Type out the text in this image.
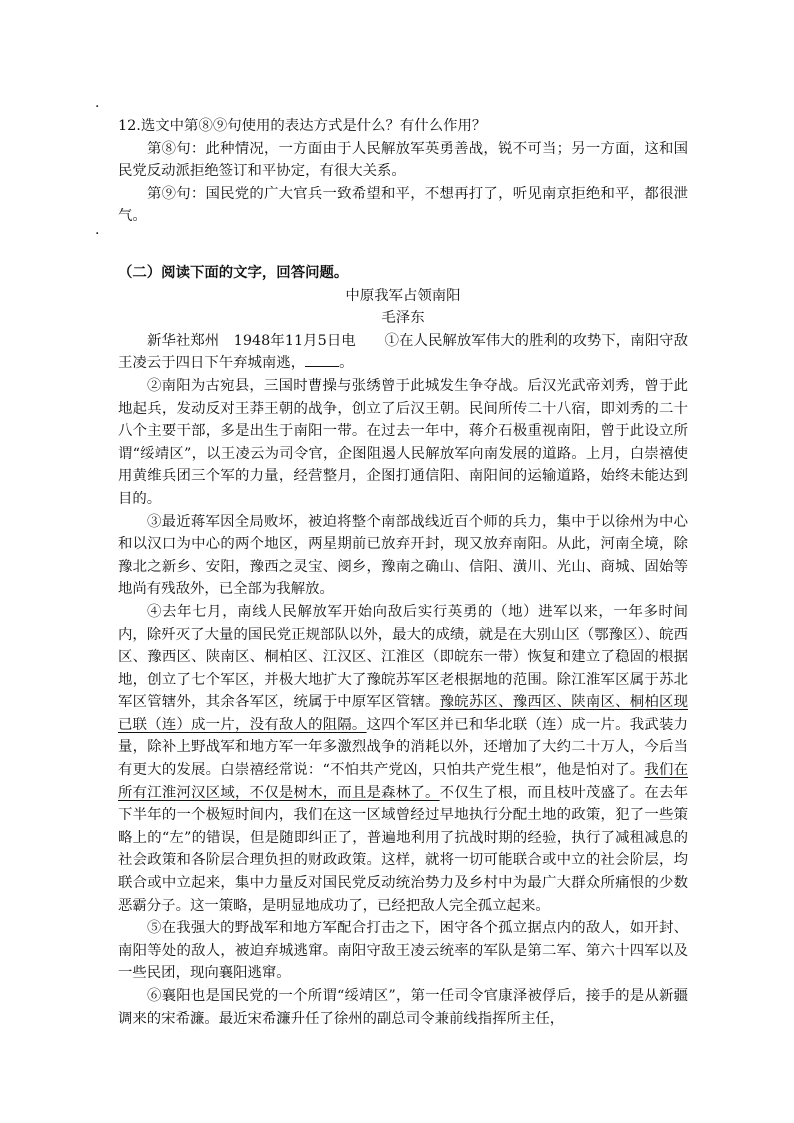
·
·

12.选文中第⑧⑨句使用的表达方式是什么？有什么作用？

第⑧句：此种情况，一方面由于人民解放军英勇善战，锐不可当；另一方面，这和国民党反动派拒绝签订和平协定，有很大关系。

第⑨句：国民党的广大官兵一致希望和平，不想再打了，听见南京拒绝和平，都很泄气。

（二）阅读下面的文字，回答问题。

中原我军占领南阳

毛泽东

新华社郑州　1948年11月5日电　　①在人民解放军伟大的胜利的攻势下，南阳守敌王凌云于四日下午弃城南逃， 。

②南阳为古宛县，三国时曹操与张绣曾于此城发生争夺战。后汉光武帝刘秀，曾于此地起兵，发动反对王莽王朝的战争，创立了后汉王朝。民间所传二十八宿，即刘秀的二十八个主要干部，多是出生于南阳一带。在过去一年中，蒋介石极重视南阳，曾于此设立所谓“绥靖区”，以王凌云为司令官，企图阻遏人民解放军向南发展的道路。上月，白崇禧使用黄维兵团三个军的力量，经营整月，企图打通信阳、南阳间的运输道路，始终未能达到目的。

③最近蒋军因全局败坏，被迫将整个南部战线近百个师的兵力，集中于以徐州为中心和以汉口为中心的两个地区，两星期前已放弃开封，现又放弃南阳。从此，河南全境，除豫北之新乡、安阳，豫西之灵宝、阌乡，豫南之确山、信阳、潢川、光山、商城、固始等地尚有残敌外，已全部为我解放。

④去年七月，南线人民解放军开始向敌后实行英勇的（地）进军以来，一年多时间内，除歼灭了大量的国民党正规部队以外，最大的成绩，就是在大别山区（鄂豫区）、皖西区、豫西区、陕南区、桐柏区、江汉区、江淮区（即皖东一带）恢复和建立了稳固的根据地，创立了七个军区，并极大地扩大了豫皖苏军区老根据地的范围。除江淮军区属于苏北军区管辖外，其余各军区，统属于中原军区管辖。豫皖苏区、豫西区、陕南区、桐柏区现已联（连）成一片，没有敌人的阻隔。这四个军区并已和华北联（连）成一片。我武装力量，除补上野战军和地方军一年多激烈战争的消耗以外，还增加了大约二十万人，今后当有更大的发展。白崇禧经常说：“不怕共产党凶，只怕共产党生根”，他是怕对了。我们在所有江淮河汉区域，不仅是树木，而且是森林了。不仅生了根，而且枝叶茂盛了。在去年下半年的一个极短时间内，我们在这一区域曾经过早地执行分配土地的政策，犯了一些策略上的“左”的错误，但是随即纠正了，普遍地利用了抗战时期的经验，执行了减租减息的社会政策和各阶层合理负担的财政政策。这样，就将一切可能联合或中立的社会阶层，均联合或中立起来，集中力量反对国民党反动统治势力及乡村中为最广大群众所痛恨的少数恶霸分子。这一策略，是明显地成功了，已经把敌人完全孤立起来。

⑤在我强大的野战军和地方军配合打击之下，困守各个孤立据点内的敌人，如开封、南阳等处的敌人，被迫弃城逃窜。南阳守敌王凌云统率的军队是第二军、第六十四军以及一些民团，现向襄阳逃窜。

⑥襄阳也是国民党的一个所谓“绥靖区”，第一任司令官康泽被俘后，接手的是从新疆调来的宋希濂。最近宋希濂升任了徐州的副总司令兼前线指挥所主任，
